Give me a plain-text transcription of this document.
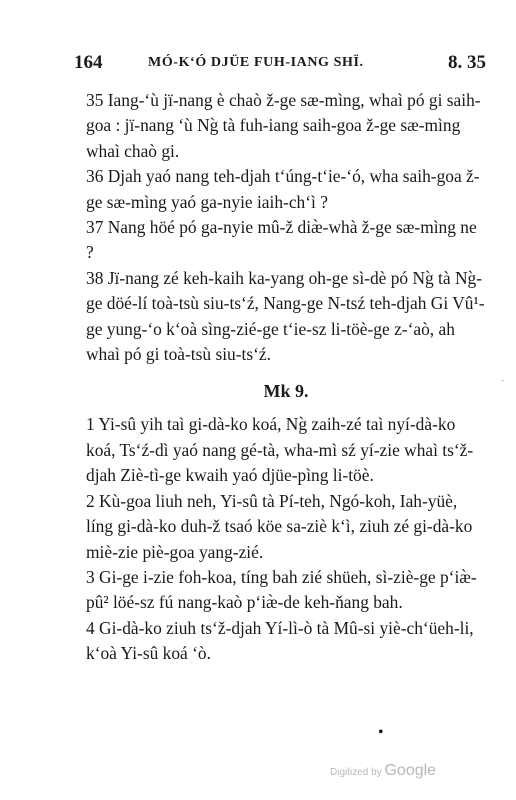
164	MÓ-K‘Ó DJÜE FUH-IANG SHÏ.	8. 35

35 Iang-‘ù jï-nang è chaò ž-ge sæ-mìng, whaì pó gi saih-goa : jï-nang ‘ù Ng̀ tà fuh-iang saih-goa ž-ge sæ-mìng whaì chaò gi.

36 Djah yaó nang teh-djah t‘úng-t‘ie-‘ó, wha saih-goa ž-ge sæ-mìng yaó ga-nyie iaih-ch‘ì ?

37 Nang höé pó ga-nyie mû-ž diæ̀-whà ž-ge sæ-mìng ne ?

38 Jï-nang zé keh-kaih ka-yang oh-ge sì-dè pó Ng̀ tà Ng̀-ge döé-lí toà-tsù siu-ts‘ź, Nang-ge N-tsź teh-djah Gi Vû¹-ge yung-‘o k‘oà sìng-zié-ge t‘ie-sz li-töè-ge z-‘aò, ah whaì pó gi toà-tsù siu-ts‘ź.

Mk 9.

1 Yi-sû yih taì gi-dà-ko koá, Ng̀ zaih-zé taì nyí-dà-ko koá, Ts‘ź-dì yaó nang gé-tà, wha-mì sź yí-zie whaì ts‘ž-djah Ziè-tì-ge kwaih yaó djüe-pìng li-töè.

2 Kù-goa liuh neh, Yi-sû tà Pí-teh, Ngó-koh, Iah-yüè, líng gi-dà-ko duh-ž tsaó köe sa-ziè k‘ì, ziuh zé gi-dà-ko miè-zie piè-goa yang-zié.

3 Gi-ge i-zie foh-koa, tíng bah zié shüeh, sì-ziè-ge p‘iæ̀-pû² löé-sz fú nang-kaò p‘iæ̀-de keh-ňang bah.

4 Gi-dà-ko ziuh ts‘ž-djah Yí-lì-ò tà Mû-si yiè-ch‘üeh-li, k‘oà Yi-sû koá ‘ò.

·
•
Digitized by Google
